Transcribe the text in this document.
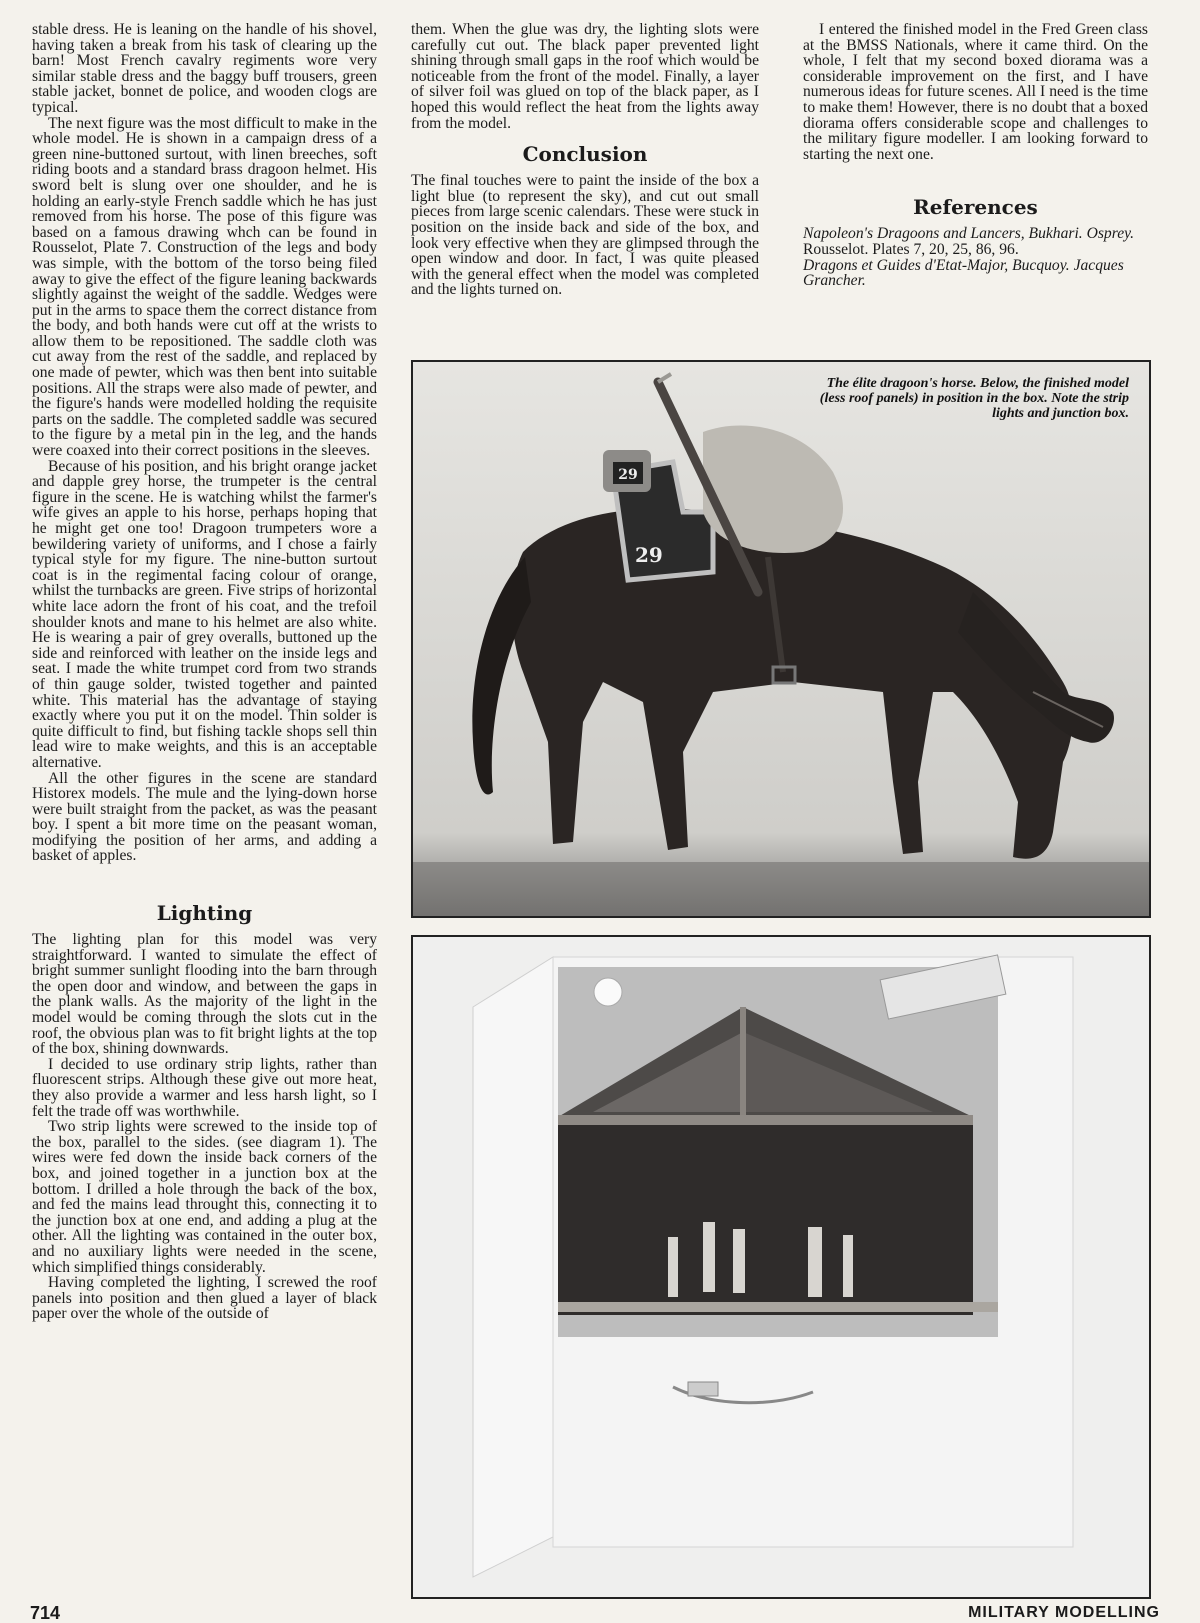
stable dress. He is leaning on the handle of his shovel, having taken a break from his task of clearing up the barn! Most French cavalry regiments wore very similar stable dress and the baggy buff trousers, green stable jacket, bonnet de police, and wooden clogs are typical.

The next figure was the most difficult to make in the whole model. He is shown in a campaign dress of a green nine-buttoned surtout, with linen breeches, soft riding boots and a standard brass dragoon helmet. His sword belt is slung over one shoulder, and he is holding an early-style French saddle which he has just removed from his horse. The pose of this figure was based on a famous drawing whch can be found in Rousselot, Plate 7. Construction of the legs and body was simple, with the bottom of the torso being filed away to give the effect of the figure leaning backwards slightly against the weight of the saddle. Wedges were put in the arms to space them the correct distance from the body, and both hands were cut off at the wrists to allow them to be repositioned. The saddle cloth was cut away from the rest of the saddle, and replaced by one made of pewter, which was then bent into suitable positions. All the straps were also made of pewter, and the figure's hands were modelled holding the requisite parts on the saddle. The completed saddle was secured to the figure by a metal pin in the leg, and the hands were coaxed into their correct positions in the sleeves.

Because of his position, and his bright orange jacket and dapple grey horse, the trumpeter is the central figure in the scene. He is watching whilst the farmer's wife gives an apple to his horse, perhaps hoping that he might get one too! Dragoon trumpeters wore a bewildering variety of uniforms, and I chose a fairly typical style for my figure. The nine-button surtout coat is in the regimental facing colour of orange, whilst the turnbacks are green. Five strips of horizontal white lace adorn the front of his coat, and the trefoil shoulder knots and mane to his helmet are also white. He is wearing a pair of grey overalls, buttoned up the side and reinforced with leather on the inside legs and seat. I made the white trumpet cord from two strands of thin gauge solder, twisted together and painted white. This material has the advantage of staying exactly where you put it on the model. Thin solder is quite difficult to find, but fishing tackle shops sell thin lead wire to make weights, and this is an acceptable alternative.

All the other figures in the scene are standard Historex models. The mule and the lying-down horse were built straight from the packet, as was the peasant boy. I spent a bit more time on the peasant woman, modifying the position of her arms, and adding a basket of apples.

Lighting

The lighting plan for this model was very straightforward. I wanted to simulate the effect of bright summer sunlight flooding into the barn through the open door and window, and between the gaps in the plank walls. As the majority of the light in the model would be coming through the slots cut in the roof, the obvious plan was to fit bright lights at the top of the box, shining downwards.

I decided to use ordinary strip lights, rather than fluorescent strips. Although these give out more heat, they also provide a warmer and less harsh light, so I felt the trade off was worthwhile.

Two strip lights were screwed to the inside top of the box, parallel to the sides. (see diagram 1). The wires were fed down the inside back corners of the box, and joined together in a junction box at the bottom. I drilled a hole through the back of the box, and fed the mains lead throught this, connecting it to the junction box at one end, and adding a plug at the other. All the lighting was contained in the outer box, and no auxiliary lights were needed in the scene, which simplified things considerably.

Having completed the lighting, I screwed the roof panels into position and then glued a layer of black paper over the whole of the outside of

them. When the glue was dry, the lighting slots were carefully cut out. The black paper prevented light shining through small gaps in the roof which would be noticeable from the front of the model. Finally, a layer of silver foil was glued on top of the black paper, as I hoped this would reflect the heat from the lights away from the model.

Conclusion

The final touches were to paint the inside of the box a light blue (to represent the sky), and cut out small pieces from large scenic calendars. These were stuck in position on the inside back and side of the box, and look very effective when they are glimpsed through the open window and door. In fact, I was quite pleased with the general effect when the model was completed and the lights turned on.

I entered the finished model in the Fred Green class at the BMSS Nationals, where it came third. On the whole, I felt that my second boxed diorama was a considerable improvement on the first, and I have numerous ideas for future scenes. All I need is the time to make them! However, there is no doubt that a boxed diorama offers considerable scope and challenges to the military figure modeller. I am looking forward to starting the next one.

References

Napoleon's Dragoons and Lancers, Bukhari. Osprey.

Rousselot. Plates 7, 20, 25, 86, 96.

Dragons et Guides d'Etat-Major, Bucquoy. Jacques Grancher.

29
29
The élite dragoon's horse. Below, the finished model (less roof panels) in position in the box. Note the strip lights and junction box.
714	MILITARY MODELLING
